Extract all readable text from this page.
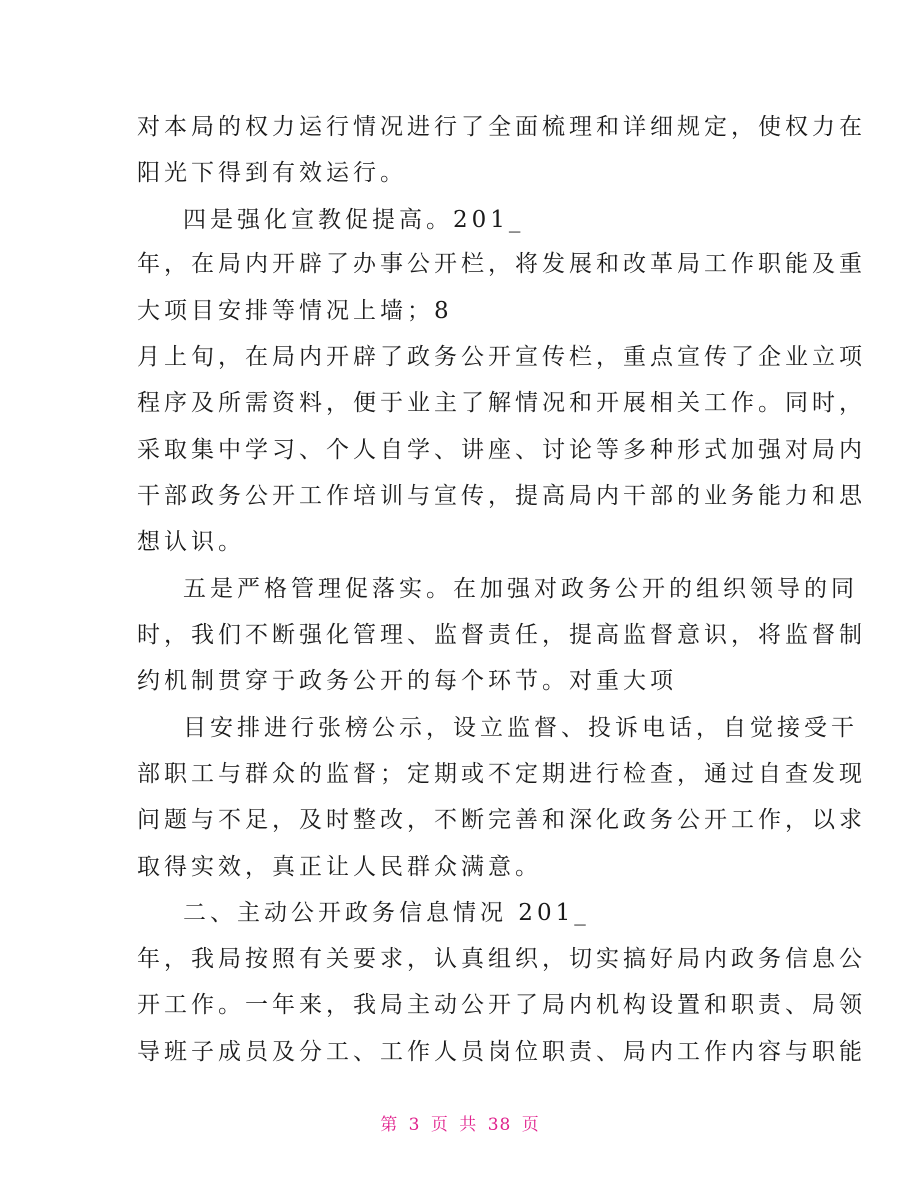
对本局的权力运行情况进行了全面梳理和详细规定，使权力在
阳光下得到有效运行。
四是强化宣教促提高。201_
年，在局内开辟了办事公开栏，将发展和改革局工作职能及重
大项目安排等情况上墙；8
月上旬，在局内开辟了政务公开宣传栏，重点宣传了企业立项
程序及所需资料，便于业主了解情况和开展相关工作。同时，
采取集中学习、个人自学、讲座、讨论等多种形式加强对局内
干部政务公开工作培训与宣传，提高局内干部的业务能力和思
想认识。
五是严格管理促落实。在加强对政务公开的组织领导的同
时，我们不断强化管理、监督责任，提高监督意识，将监督制
约机制贯穿于政务公开的每个环节。对重大项
目安排进行张榜公示，设立监督、投诉电话，自觉接受干
部职工与群众的监督；定期或不定期进行检查，通过自查发现
问题与不足，及时整改，不断完善和深化政务公开工作，以求
取得实效，真正让人民群众满意。
二、主动公开政务信息情况 201_
年，我局按照有关要求，认真组织，切实搞好局内政务信息公
开工作。一年来，我局主动公开了局内机构设置和职责、局领
导班子成员及分工、工作人员岗位职责、局内工作内容与职能
第 3 页 共 38 页
